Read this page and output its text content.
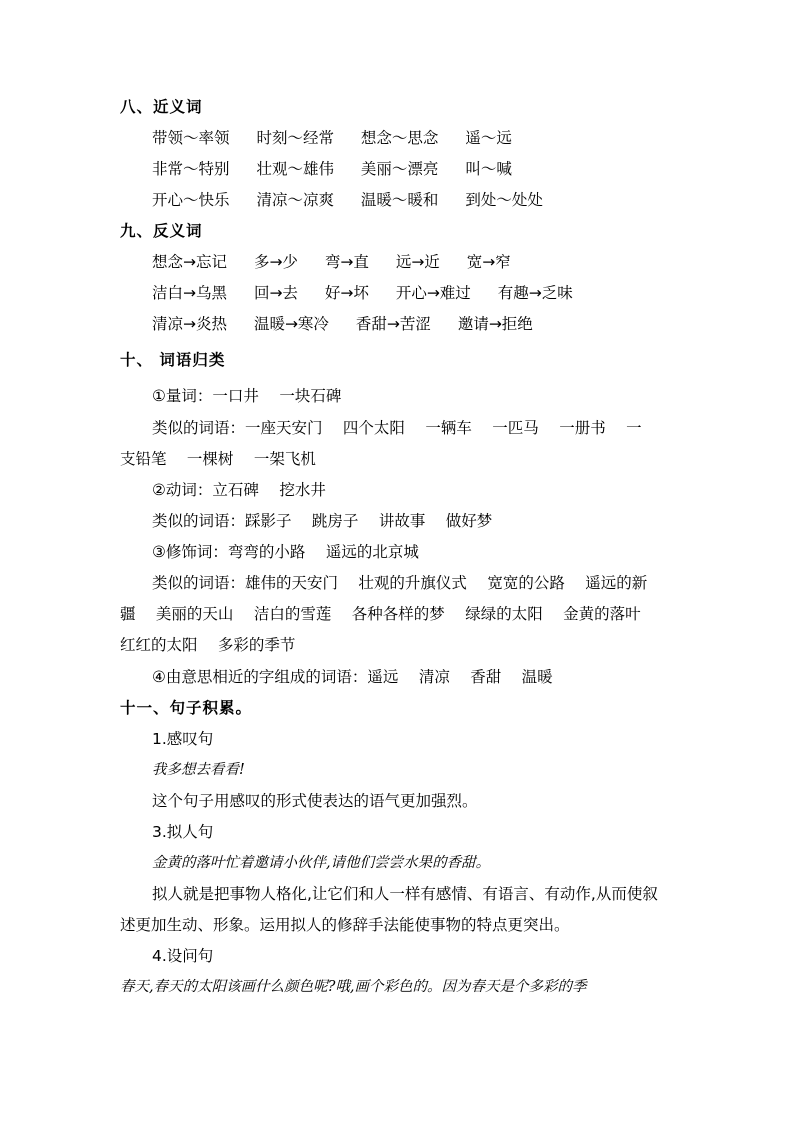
八、近义词
带领～率领 时刻～经常 想念～思念 遥～远
非常～特别 壮观～雄伟 美丽～漂亮 叫～喊
开心～快乐 清凉～凉爽 温暖～暖和 到处～处处
九、反义词
想念→忘记 多→少 弯→直 远→近 宽→窄
洁白→乌黑 回→去 好→坏 开心→难过 有趣→乏味
清凉→炎热 温暖→寒冷 香甜→苦涩 邀请→拒绝
十、 词语归类
①量词：一口井　 一块石碑
类似的词语：一座天安门　 四个太阳　 一辆车　 一匹马　 一册书　 一
支铅笔　 一棵树　 一架飞机
②动词：立石碑　 挖水井
类似的词语：踩影子　 跳房子　 讲故事　 做好梦
③修饰词：弯弯的小路　 遥远的北京城
类似的词语：雄伟的天安门　 壮观的升旗仪式　 宽宽的公路　 遥远的新
疆　 美丽的天山　 洁白的雪莲　 各种各样的梦　 绿绿的太阳　 金黄的落叶
红红的太阳　 多彩的季节
④由意思相近的字组成的词语：遥远　 清凉　 香甜　 温暖
十一、句子积累。
1.感叹句
我多想去看看!
这个句子用感叹的形式使表达的语气更加强烈。
3.拟人句
金黄的落叶忙着邀请小伙伴,请他们尝尝水果的香甜。
拟人就是把事物人格化,让它们和人一样有感情、有语言、有动作,从而使叙
述更加生动、形象。运用拟人的修辞手法能使事物的特点更突出。
4.设问句
春天,春天的太阳该画什么颜色呢?哦,画个彩色的。因为春天是个多彩的季
